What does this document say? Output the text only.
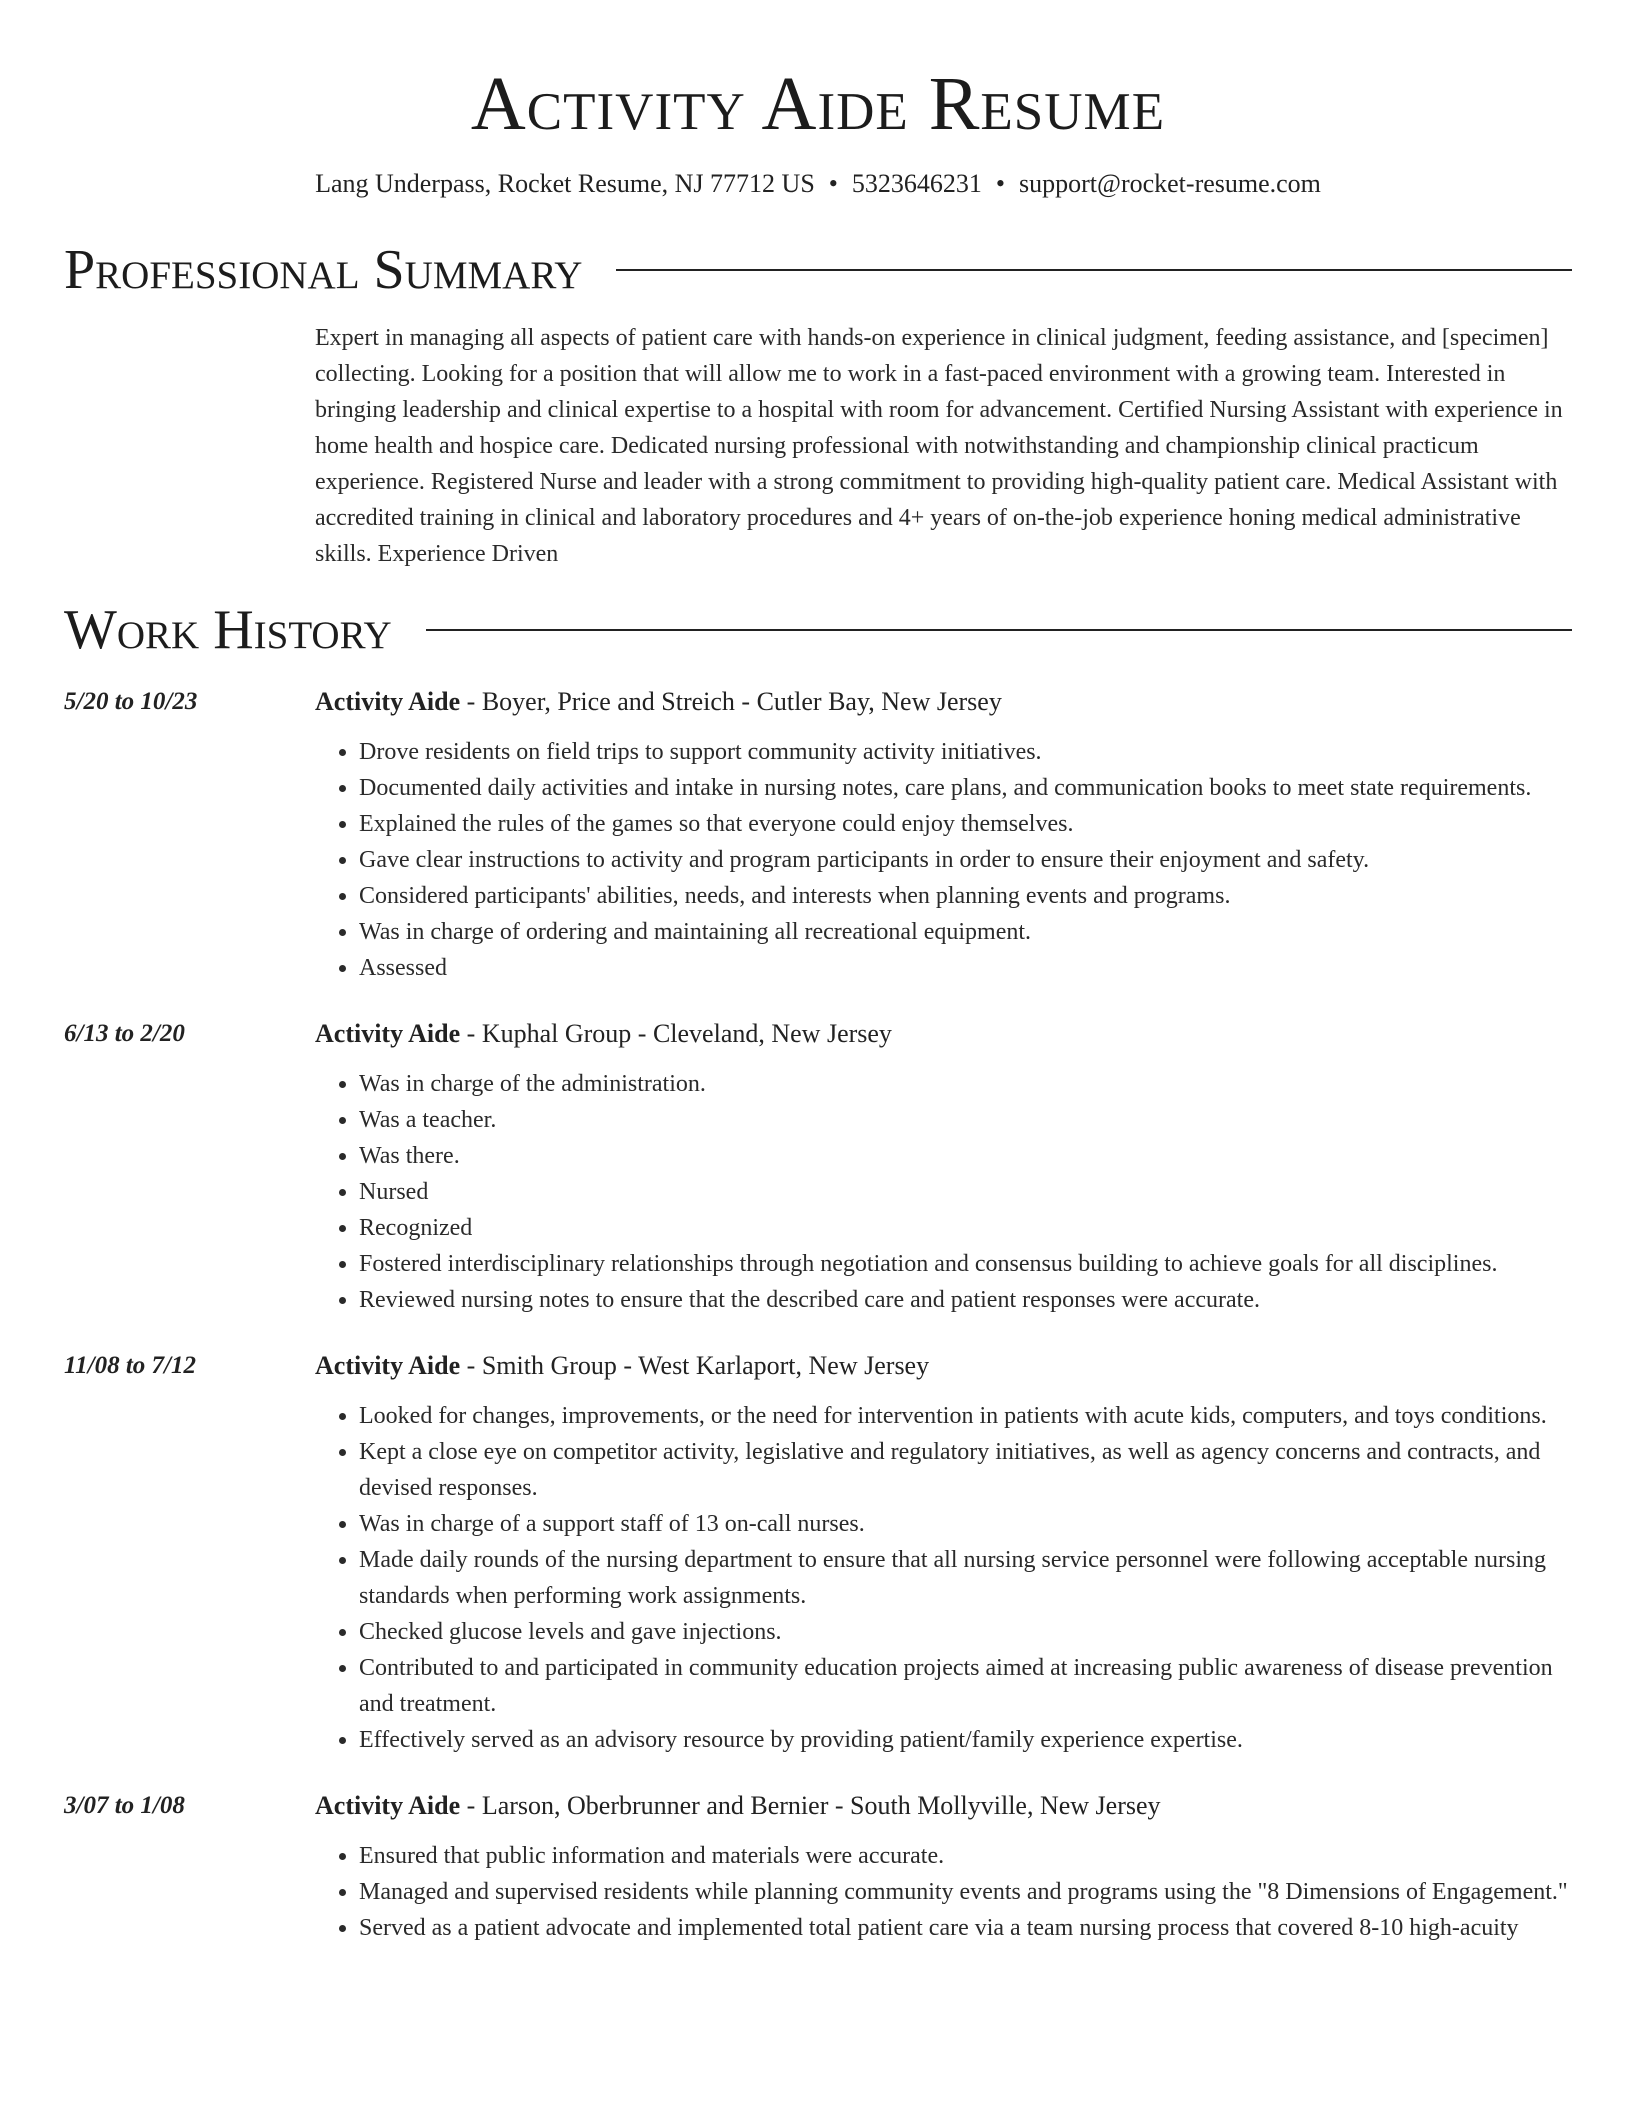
Activity Aide Resume
Lang Underpass, Rocket Resume, NJ 77712 US • 5323646231 • support@rocket-resume.com
Professional Summary
Expert in managing all aspects of patient care with hands-on experience in clinical judgment, feeding assistance, and [specimen] collecting. Looking for a position that will allow me to work in a fast-paced environment with a growing team. Interested in bringing leadership and clinical expertise to a hospital with room for advancement. Certified Nursing Assistant with experience in home health and hospice care. Dedicated nursing professional with notwithstanding and championship clinical practicum experience. Registered Nurse and leader with a strong commitment to providing high-quality patient care. Medical Assistant with accredited training in clinical and laboratory procedures and 4+ years of on-the-job experience honing medical administrative skills. Experience Driven
Work History
5/20 to 10/23	Activity Aide - Boyer, Price and Streich - Cutler Bay, New Jersey
• Drove residents on field trips to support community activity initiatives.
• Documented daily activities and intake in nursing notes, care plans, and communication books to meet state requirements.
• Explained the rules of the games so that everyone could enjoy themselves.
• Gave clear instructions to activity and program participants in order to ensure their enjoyment and safety.
• Considered participants' abilities, needs, and interests when planning events and programs.
• Was in charge of ordering and maintaining all recreational equipment.
• Assessed
6/13 to 2/20	Activity Aide - Kuphal Group - Cleveland, New Jersey
• Was in charge of the administration.
• Was a teacher.
• Was there.
• Nursed
• Recognized
• Fostered interdisciplinary relationships through negotiation and consensus building to achieve goals for all disciplines.
• Reviewed nursing notes to ensure that the described care and patient responses were accurate.
11/08 to 7/12	Activity Aide - Smith Group - West Karlaport, New Jersey
• Looked for changes, improvements, or the need for intervention in patients with acute kids, computers, and toys conditions.
• Kept a close eye on competitor activity, legislative and regulatory initiatives, as well as agency concerns and contracts, and devised responses.
• Was in charge of a support staff of 13 on-call nurses.
• Made daily rounds of the nursing department to ensure that all nursing service personnel were following acceptable nursing standards when performing work assignments.
• Checked glucose levels and gave injections.
• Contributed to and participated in community education projects aimed at increasing public awareness of disease prevention and treatment.
• Effectively served as an advisory resource by providing patient/family experience expertise.
3/07 to 1/08	Activity Aide - Larson, Oberbrunner and Bernier - South Mollyville, New Jersey
• Ensured that public information and materials were accurate.
• Managed and supervised residents while planning community events and programs using the "8 Dimensions of Engagement."
• Served as a patient advocate and implemented total patient care via a team nursing process that covered 8-10 high-acuity
